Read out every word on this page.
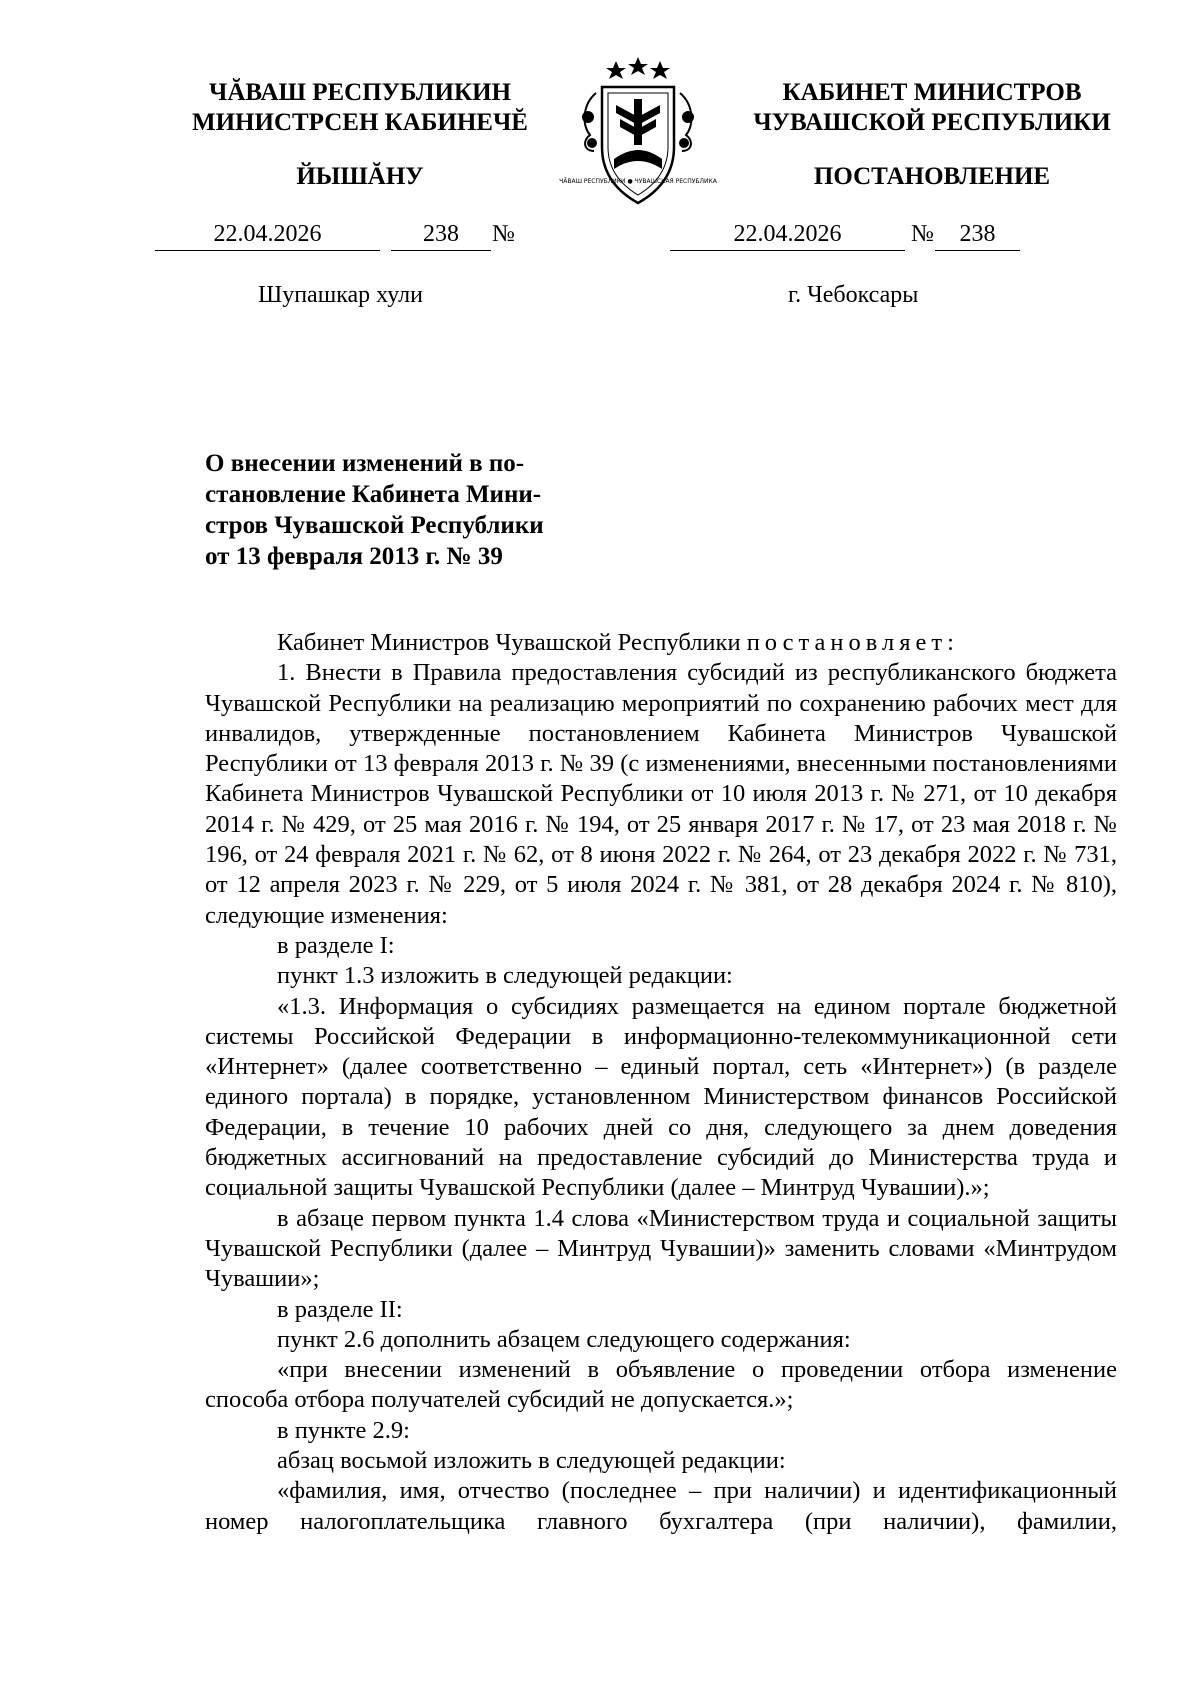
ЧĂВАШ РЕСПУБЛИКИН
МИНИСТРСЕН КАБИНЕЧĔ
ЙЫШĂНУ
КАБИНЕТ МИНИСТРОВ
ЧУВАШСКОЙ РЕСПУБЛИКИ
ПОСТАНОВЛЕНИЕ
ЧĂВАШ РЕСПУБЛИКИ ● ЧУВАШСКАЯ РЕСПУБЛИКА
22.04.2026	238	№	22.04.2026	№	238
Шупашкар хули	г. Чебоксары
О внесении изменений в по-
становление Кабинета Мини-
стров Чувашской Республики
от 13 февраля 2013 г. № 39

Кабинет Министров Чувашской Республики постановляет:

1. Внести в Правила предоставления субсидий из республиканского бюджета Чувашской Республики на реализацию мероприятий по сохранению рабочих мест для инвалидов, утвержденные постановлением Кабинета Министров Чувашской Республики от 13 февраля 2013 г. № 39 (с изменениями, внесенными постановлениями Кабинета Министров Чувашской Республики от 10 июля 2013 г. № 271, от 10 декабря 2014 г. № 429, от 25 мая 2016 г. № 194, от 25 января 2017 г. № 17, от 23 мая 2018 г. № 196, от 24 февраля 2021 г. № 62, от 8 июня 2022 г. № 264, от 23 декабря 2022 г. № 731, от 12 апреля 2023 г. № 229, от 5 июля 2024 г. № 381, от 28 декабря 2024 г. № 810), следующие изменения:

в разделе I:

пункт 1.3 изложить в следующей редакции:

«1.3. Информация о субсидиях размещается на едином портале бюджетной системы Российской Федерации в информационно-телекоммуникационной сети «Интернет» (далее соответственно – единый портал, сеть «Интернет») (в разделе единого портала) в порядке, установленном Министерством финансов Российской Федерации, в течение 10 рабочих дней со дня, следующего за днем доведения бюджетных ассигнований на предоставление субсидий до Министерства труда и социальной защиты Чувашской Республики (далее – Минтруд Чувашии).»;

в абзаце первом пункта 1.4 слова «Министерством труда и социальной защиты Чувашской Республики (далее – Минтруд Чувашии)» заменить словами «Минтрудом Чувашии»;

в разделе II:

пункт 2.6 дополнить абзацем следующего содержания:

«при внесении изменений в объявление о проведении отбора изменение способа отбора получателей субсидий не допускается.»;

в пункте 2.9:

абзац восьмой изложить в следующей редакции:

«фамилия, имя, отчество (последнее – при наличии) и идентификационный номер налогоплательщика главного бухгалтера (при наличии), фамилии,
